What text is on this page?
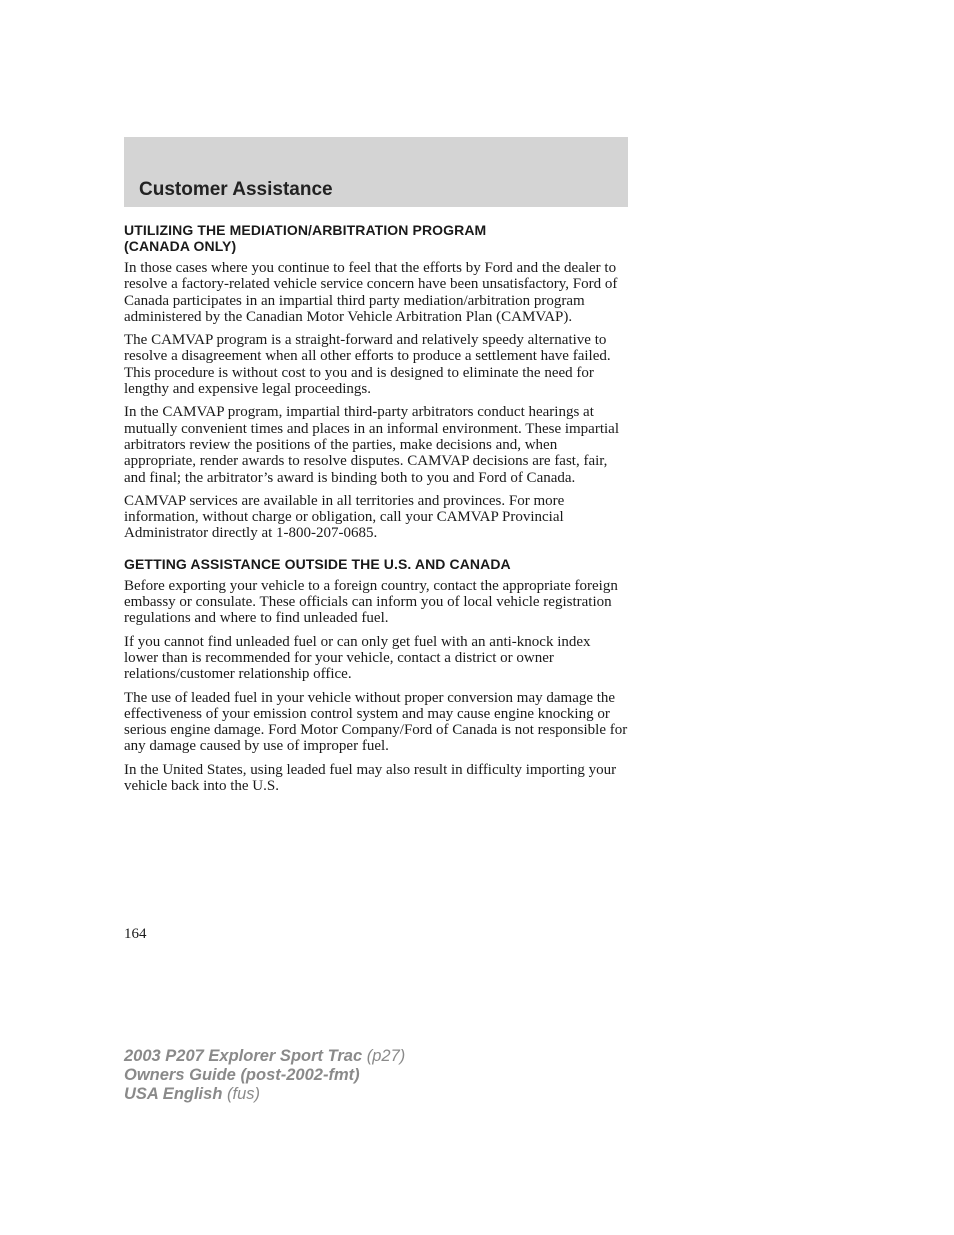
Customer Assistance
UTILIZING THE MEDIATION/ARBITRATION PROGRAM
(CANADA ONLY)

In those cases where you continue to feel that the efforts by Ford and the dealer to resolve a factory-related vehicle service concern have been unsatisfactory, Ford of Canada participates in an impartial third party mediation/arbitration program administered by the Canadian Motor Vehicle Arbitration Plan (CAMVAP).

The CAMVAP program is a straight-forward and relatively speedy alternative to resolve a disagreement when all other efforts to produce a settlement have failed. This procedure is without cost to you and is designed to eliminate the need for lengthy and expensive legal proceedings.

In the CAMVAP program, impartial third-party arbitrators conduct hearings at mutually convenient times and places in an informal environment. These impartial arbitrators review the positions of the parties, make decisions and, when appropriate, render awards to resolve disputes. CAMVAP decisions are fast, fair, and final; the arbitrator’s award is binding both to you and Ford of Canada.

CAMVAP services are available in all territories and provinces. For more information, without charge or obligation, call your CAMVAP Provincial Administrator directly at 1-800-207-0685.

GETTING ASSISTANCE OUTSIDE THE U.S. AND CANADA

Before exporting your vehicle to a foreign country, contact the appropriate foreign embassy or consulate. These officials can inform you of local vehicle registration regulations and where to find unleaded fuel.

If you cannot find unleaded fuel or can only get fuel with an anti-knock index lower than is recommended for your vehicle, contact a district or owner relations/customer relationship office.

The use of leaded fuel in your vehicle without proper conversion may damage the effectiveness of your emission control system and may cause engine knocking or serious engine damage. Ford Motor Company/Ford of Canada is not responsible for any damage caused by use of improper fuel.

In the United States, using leaded fuel may also result in difficulty importing your vehicle back into the U.S.

164
2003 P207 Explorer Sport Trac (p27)
Owners Guide (post-2002-fmt)
USA English (fus)
